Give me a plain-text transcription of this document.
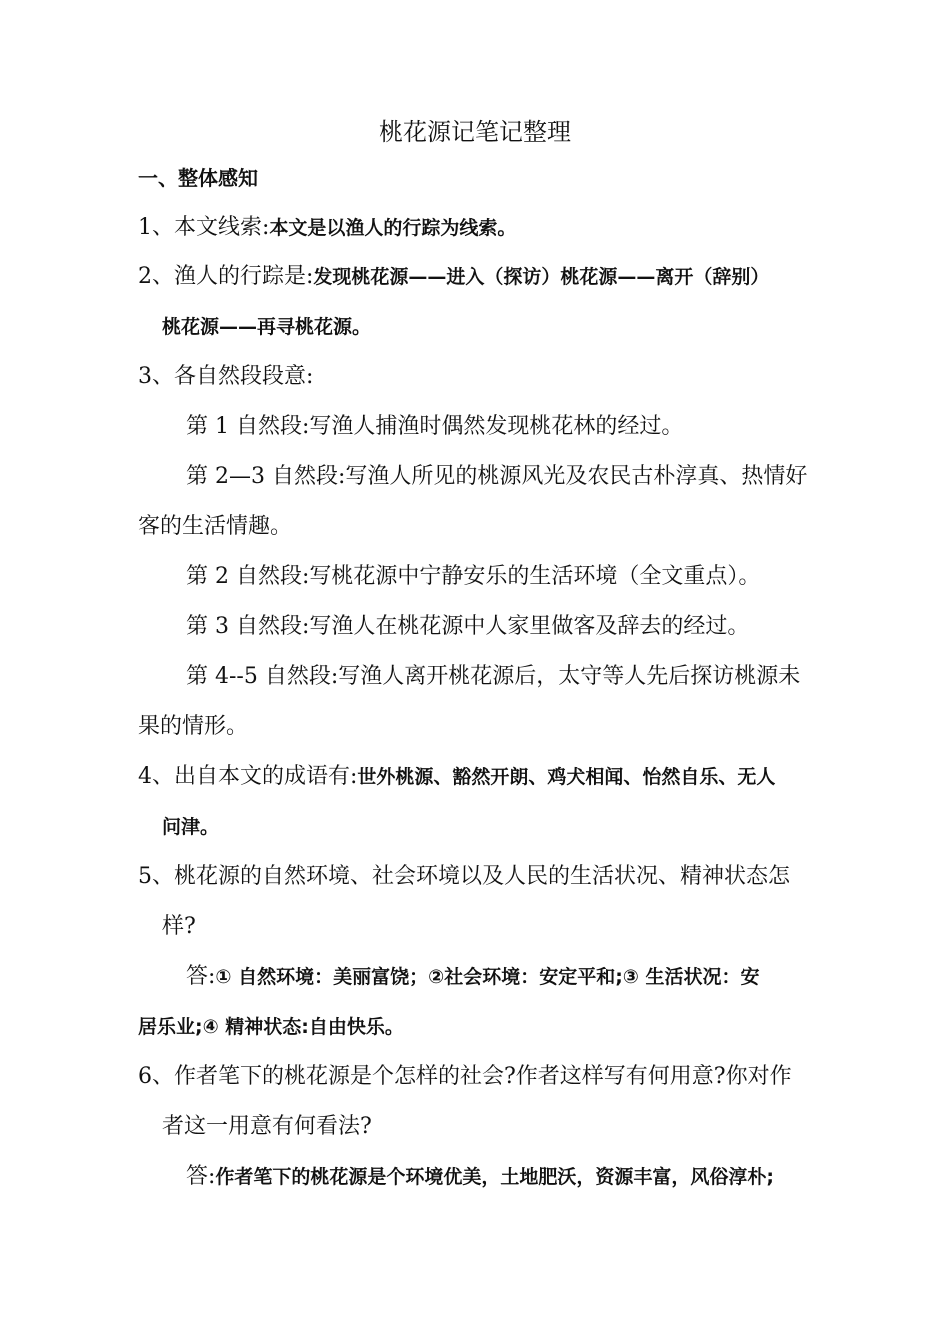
桃花源记笔记整理
一、整体感知
1、本文线索:本文是以渔人的行踪为线索。
2、渔人的行踪是:发现桃花源——进入（探访）桃花源——离开（辞别）
桃花源——再寻桃花源。
3、各自然段段意:
第 1 自然段:写渔人捕渔时偶然发现桃花林的经过。
第 2—3 自然段:写渔人所见的桃源风光及农民古朴淳真、热情好
客的生活情趣。
第 2 自然段:写桃花源中宁静安乐的生活环境（全文重点）。
第 3 自然段:写渔人在桃花源中人家里做客及辞去的经过。
第 4--5 自然段:写渔人离开桃花源后，太守等人先后探访桃源未
果的情形。
4、出自本文的成语有:世外桃源、豁然开朗、鸡犬相闻、怡然自乐、无人
问津。
5、桃花源的自然环境、社会环境以及人民的生活状况、精神状态怎
样?
答:① 自然环境：美丽富饶；②社会环境：安定平和;③ 生活状况：安
居乐业;④ 精神状态:自由快乐。
6、作者笔下的桃花源是个怎样的社会?作者这样写有何用意?你对作
者这一用意有何看法?
答:作者笔下的桃花源是个环境优美，土地肥沃，资源丰富，风俗淳朴;
